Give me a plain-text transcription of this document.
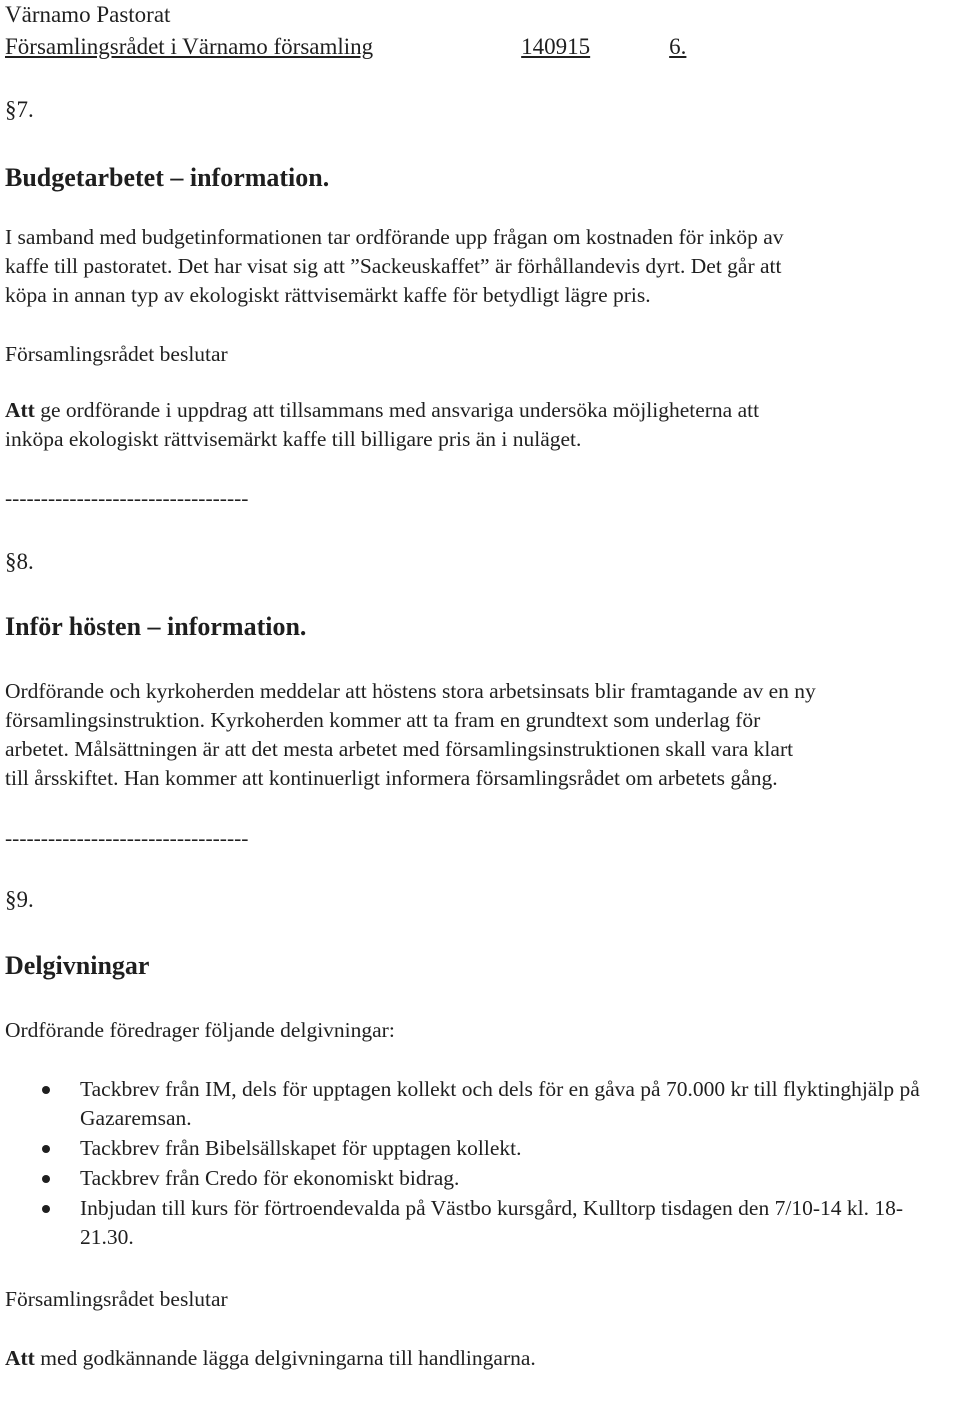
Värnamo Pastorat
Församlingsrådet i Värnamo församling	140915	6.
§7.
Budgetarbetet – information.
I samband med budgetinformationen tar ordförande upp frågan om kostnaden för inköp av
kaffe till pastoratet. Det har visat sig att ”Sackeuskaffet” är förhållandevis dyrt. Det går att
köpa in annan typ av ekologiskt rättvisemärkt kaffe för betydligt lägre pris.
Församlingsrådet beslutar
Att ge ordförande i uppdrag att tillsammans med ansvariga undersöka möjligheterna att
inköpa ekologiskt rättvisemärkt kaffe till billigare pris än i nuläget.
----------------------------------
§8.
Inför hösten – information.
Ordförande och kyrkoherden meddelar att höstens stora arbetsinsats blir framtagande av en ny
församlingsinstruktion. Kyrkoherden kommer att ta fram en grundtext som underlag för
arbetet. Målsättningen är att det mesta arbetet med församlingsinstruktionen skall vara klart
till årsskiftet. Han kommer att kontinuerligt informera församlingsrådet om arbetets gång.
----------------------------------
§9.
Delgivningar
Ordförande föredrager följande delgivningar:
Tackbrev från IM, dels för upptagen kollekt och dels för en gåva på 70.000 kr till flyktinghjälp på Gazaremsan.
Tackbrev från Bibelsällskapet för upptagen kollekt.
Tackbrev från Credo för ekonomiskt bidrag.
Inbjudan till kurs för förtroendevalda på Västbo kursgård, Kulltorp tisdagen den 7/10-14 kl. 18-21.30.
Församlingsrådet beslutar
Att med godkännande lägga delgivningarna till handlingarna.
